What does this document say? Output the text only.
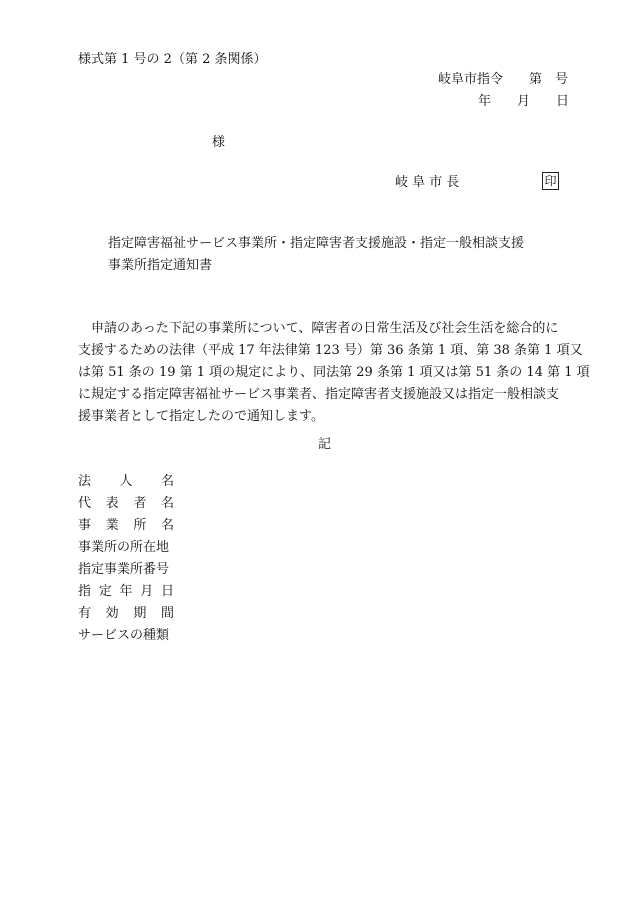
様式第 1 号の 2（第 2 条関係）
岐阜市指令　　第　号
年　　月　　日
様
岐 阜 市 長	印
指定障害福祉サービス事業所・指定障害者支援施設・指定一般相談支援
事業所指定通知書
　申請のあった下記の事業所について、障害者の日常生活及び社会生活を総合的に
支援するための法律（平成 17 年法律第 123 号）第 36 条第 1 項、第 38 条第 1 項又
は第 51 条の 19 第 1 項の規定により、同法第 29 条第 1 項又は第 51 条の 14 第 1 項
に規定する指定障害福祉サービス事業者、指定障害者支援施設又は指定一般相談支
援事業者として指定したので通知します。
記
法 人 名
代 表 者 名
事 業 所 名
事業所の所在地
指定事業所番号
指 定 年 月 日
有 効 期 間
サービスの種類
